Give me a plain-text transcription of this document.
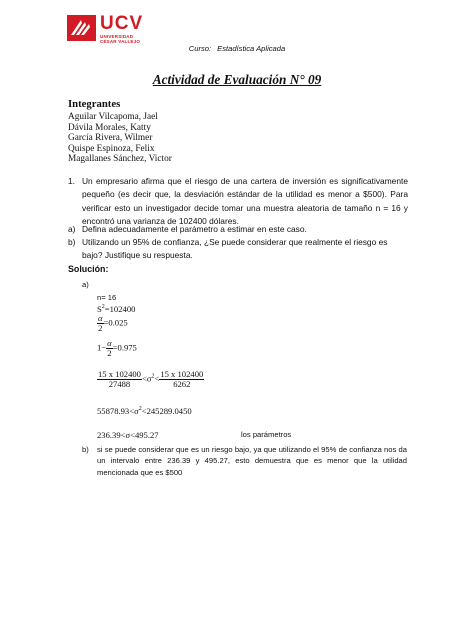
UCV
UNIVERSIDAD
CÉSAR VALLEJO
Curso: Estadística Aplicada
Actividad de Evaluación N° 09
Integrantes
Aguilar Vilcapoma, Jael
Dávila Morales, Katty
García Rivera, Wilmer
Quispe Espinoza, Felix
Magallanes Sánchez, Victor
1. Un empresario afirma que el riesgo de una cartera de inversión es significativamente pequeño (es decir que, la desviación estándar de la utilidad es menor a $500). Para verificar esto un investigador decide tomar una muestra aleatoria de tamaño n = 16 y encontró una varianza de 102400 dólares.
a) Defina adecuadamente el parámetro a estimar en este caso.
b) Utilizando un 95% de confianza, ¿Se puede considerar que realmente el riesgo es bajo? Justifique su respuesta.
Solución:
a)
n= 16
$S^2=102400$
$\frac{\alpha}{2} =0.025$
$1- \frac{\alpha}{2} =0.975$
$\frac{15 x 102400}{27488} <\sigma^2< \frac{15 x 102400}{6262}$
$55878.93<\sigma^2<245289.0450$
236.39<σ<495.27	los parámetros
b) si se puede considerar que es un riesgo bajo, ya que utilizando el 95% de confianza nos da un intervalo entre 236.39 y 495.27, esto demuestra que es menor que la utilidad mencionada que es $500
